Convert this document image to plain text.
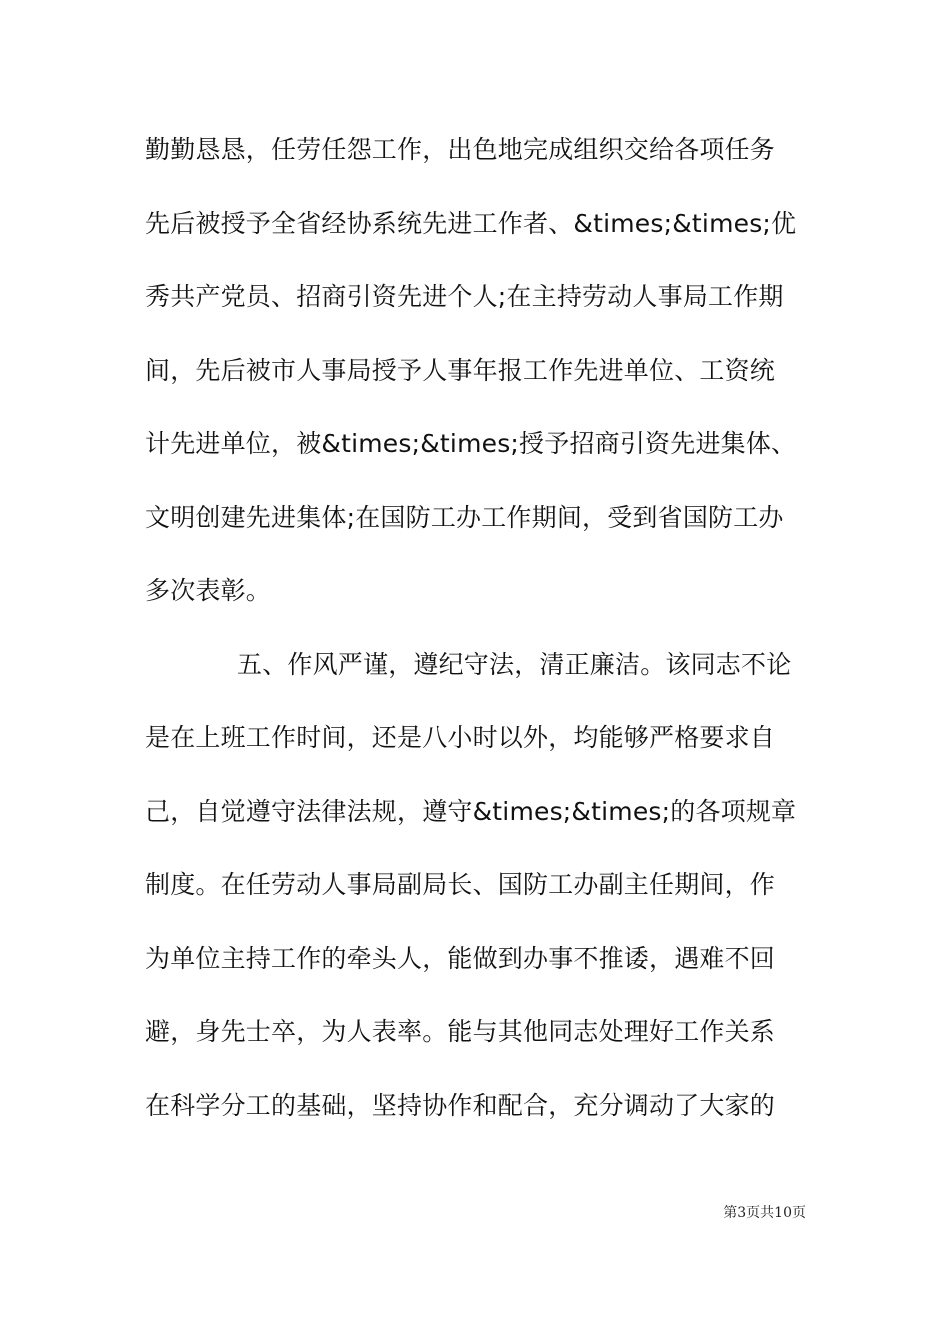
勤勤恳恳，任劳任怨工作，出色地完成组织交给各项任务
先后被授予全省经协系统先进工作者、&times;&times;优
秀共产党员、招商引资先进个人;在主持劳动人事局工作期
间，先后被市人事局授予人事年报工作先进单位、工资统
计先进单位，被&times;&times;授予招商引资先进集体、
文明创建先进集体;在国防工办工作期间，受到省国防工办
多次表彰。
五、作风严谨，遵纪守法，清正廉洁。该同志不论
是在上班工作时间，还是八小时以外，均能够严格要求自
己，自觉遵守法律法规，遵守&times;&times;的各项规章
制度。在任劳动人事局副局长、国防工办副主任期间，作
为单位主持工作的牵头人，能做到办事不推诿，遇难不回
避，身先士卒，为人表率。能与其他同志处理好工作关系
在科学分工的基础，坚持协作和配合，充分调动了大家的
第3页共10页
